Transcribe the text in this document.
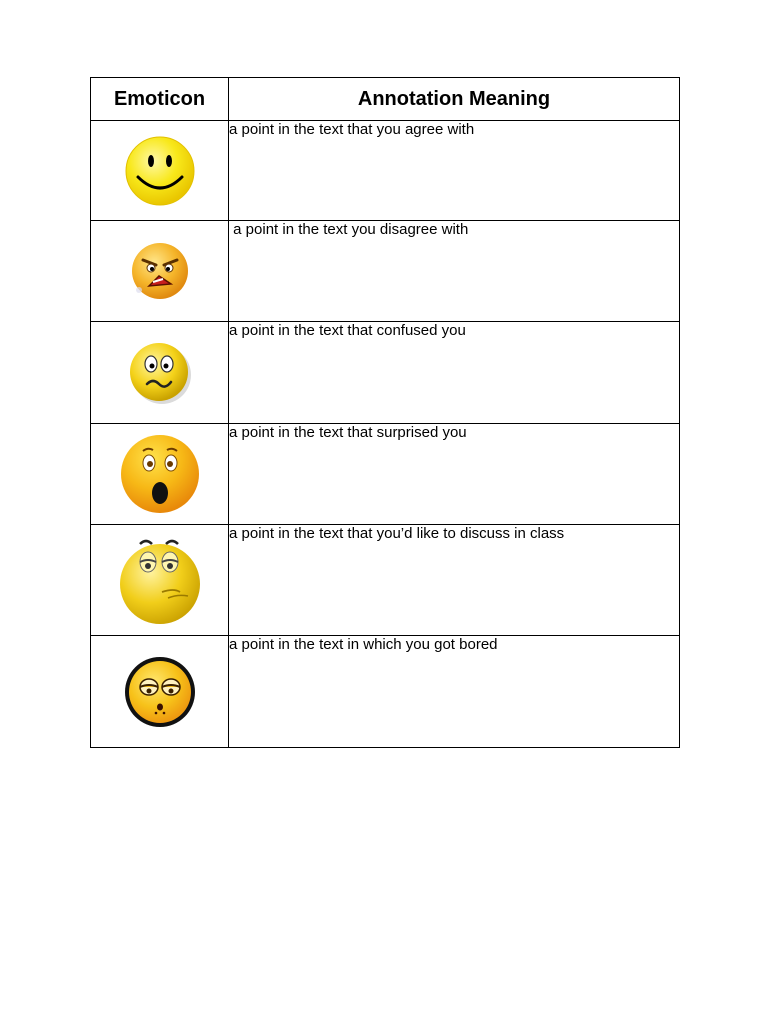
Emoticon	Annotation Meaning

	a point in the text that you agree with

	a point in the text you disagree with

	a point in the text that confused you

	a point in the text that surprised you

	a point in the text that you’d like to discuss in class

	a point in the text in which you got bored
